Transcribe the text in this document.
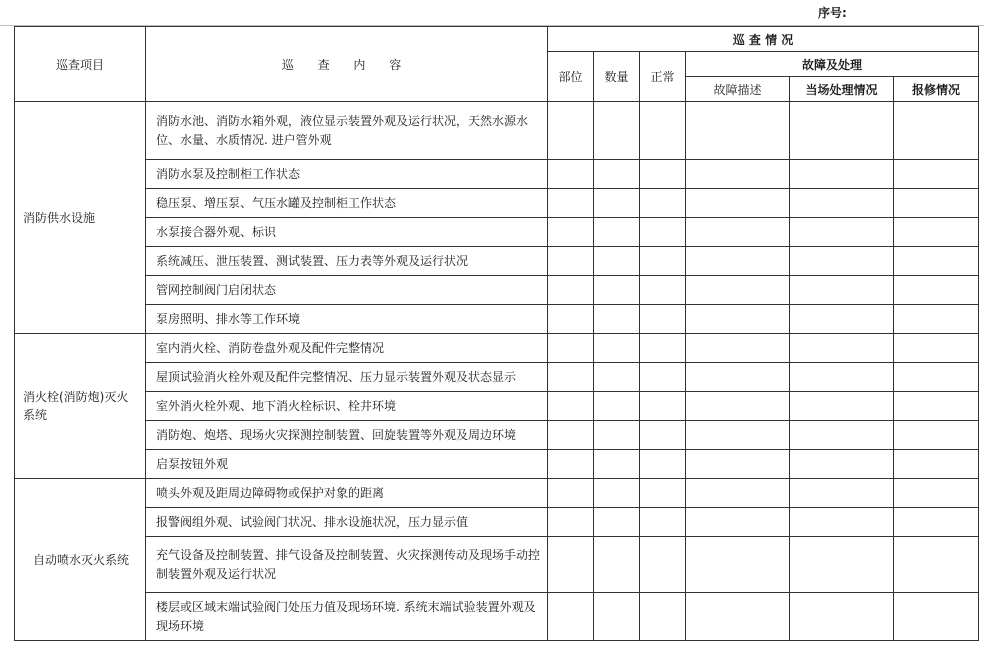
序号:
巡查项目	巡 查 内 容	巡 查 情 况					
		部位	数量	正常	故障及处理		
					故障描述	当场处理情况	报修情况
消防供水设施	消防水池、消防水箱外观，液位显示装置外观及运行状况，天然水源水位、水量、水质情况. 进户管外观						
	消防水泵及控制柜工作状态						
	稳压泵、增压泵、气压水罐及控制柜工作状态						
	水泵接合器外观、标识						
	系统减压、泄压装置、测试装置、压力表等外观及运行状况						
	管网控制阀门启闭状态						
	泵房照明、排水等工作环境						
消火栓(消防炮)灭火系统	室内消火栓、消防卷盘外观及配件完整情况						
	屋顶试验消火栓外观及配件完整情况、压力显示装置外观及状态显示						
	室外消火栓外观、地下消火栓标识、栓井环境						
	消防炮、炮塔、现场火灾探测控制装置、回旋装置等外观及周边环境						
	启泵按钮外观						
自动喷水灭火系统	喷头外观及距周边障碍物或保护对象的距离						
	报警阀组外观、试验阀门状况、排水设施状况，压力显示值						
	充气设备及控制装置、排气设备及控制装置、火灾探测传动及现场手动控制装置外观及运行状况						
	楼层或区域末端试验阀门处压力值及现场环境. 系统末端试验装置外观及现场环境						
